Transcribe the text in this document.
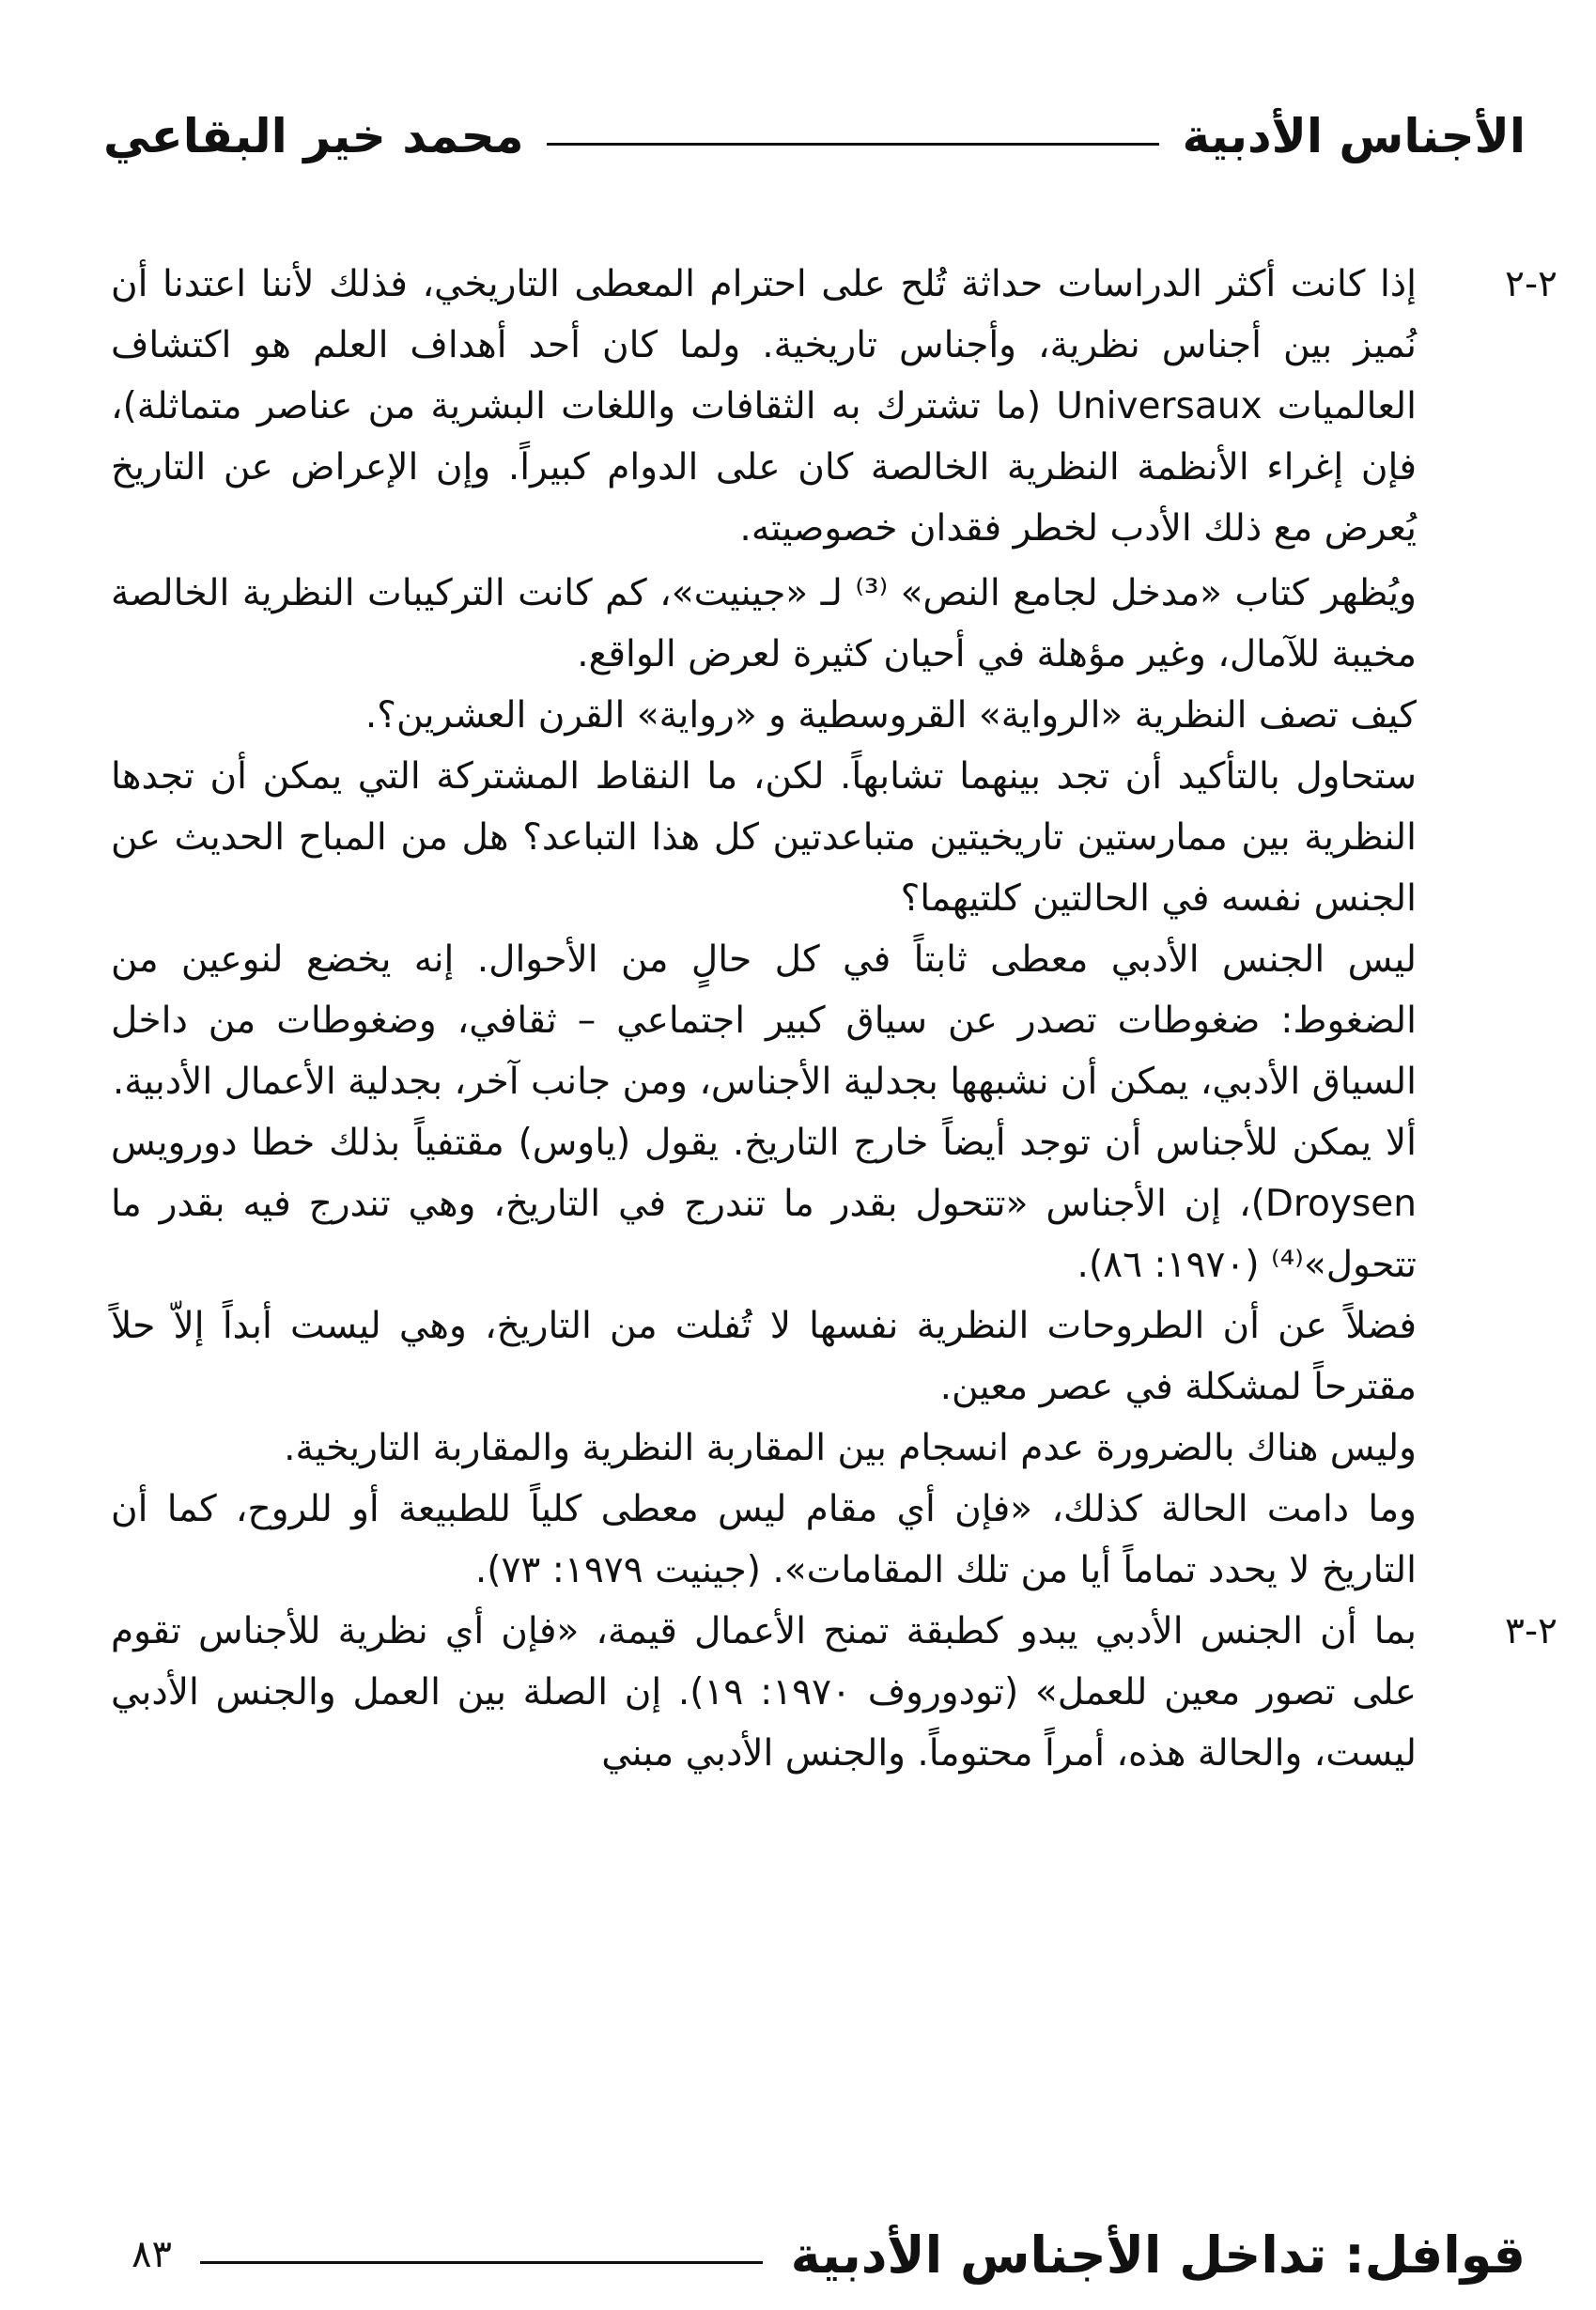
الأجناس الأدبية
محمد خير البقاعي

٢-٢
إذا كانت أكثر الدراسات حداثة تُلح على احترام المعطى التاريخي، فذلك لأننا اعتدنا أن نُميز بين أجناس نظرية، وأجناس تاريخية. ولما كان أحد أهداف العلم هو اكتشاف العالميات Universaux (ما تشترك به الثقافات واللغات البشرية من عناصر متماثلة)، فإن إغراء الأنظمة النظرية الخالصة كان على الدوام كبيراً. وإن الإعراض عن التاريخ يُعرض مع ذلك الأدب لخطر فقدان خصوصيته.

ويُظهر كتاب «مدخل لجامع النص» ⁽³⁾ لـ «جينيت»، كم كانت التركيبات النظرية الخالصة مخيبة للآمال، وغير مؤهلة في أحيان كثيرة لعرض الواقع.

كيف تصف النظرية «الرواية» القروسطية و «رواية» القرن العشرين؟.

ستحاول بالتأكيد أن تجد بينهما تشابهاً. لكن، ما النقاط المشتركة التي يمكن أن تجدها النظرية بين ممارستين تاريخيتين متباعدتين كل هذا التباعد؟ هل من المباح الحديث عن الجنس نفسه في الحالتين كلتيهما؟

ليس الجنس الأدبي معطى ثابتاً في كل حالٍ من الأحوال. إنه يخضع لنوعين من الضغوط: ضغوطات تصدر عن سياق كبير اجتماعي – ثقافي، وضغوطات من داخل السياق الأدبي، يمكن أن نشبهها بجدلية الأجناس، ومن جانب آخر، بجدلية الأعمال الأدبية.

ألا يمكن للأجناس أن توجد أيضاً خارج التاريخ. يقول (ياوس) مقتفياً بذلك خطا دورويس Droysen)، إن الأجناس «تتحول بقدر ما تندرج في التاريخ، وهي تندرج فيه بقدر ما تتحول»⁽⁴⁾ (١٩٧٠: ٨٦).

فضلاً عن أن الطروحات النظرية نفسها لا تُفلت من التاريخ، وهي ليست أبداً إلاّ حلاً مقترحاً لمشكلة في عصر معين.

وليس هناك بالضرورة عدم انسجام بين المقاربة النظرية والمقاربة التاريخية.

وما دامت الحالة كذلك، «فإن أي مقام ليس معطى كلياً للطبيعة أو للروح، كما أن التاريخ لا يحدد تماماً أيا من تلك المقامات». (جينيت ١٩٧٩: ٧٣).

٢-٣
بما أن الجنس الأدبي يبدو كطبقة تمنح الأعمال قيمة، «فإن أي نظرية للأجناس تقوم على تصور معين للعمل» (تودوروف ١٩٧٠: ١٩). إن الصلة بين العمل والجنس الأدبي ليست، والحالة هذه، أمراً محتوماً. والجنس الأدبي مبني

قوافل: تداخل الأجناس الأدبية
٨٣
